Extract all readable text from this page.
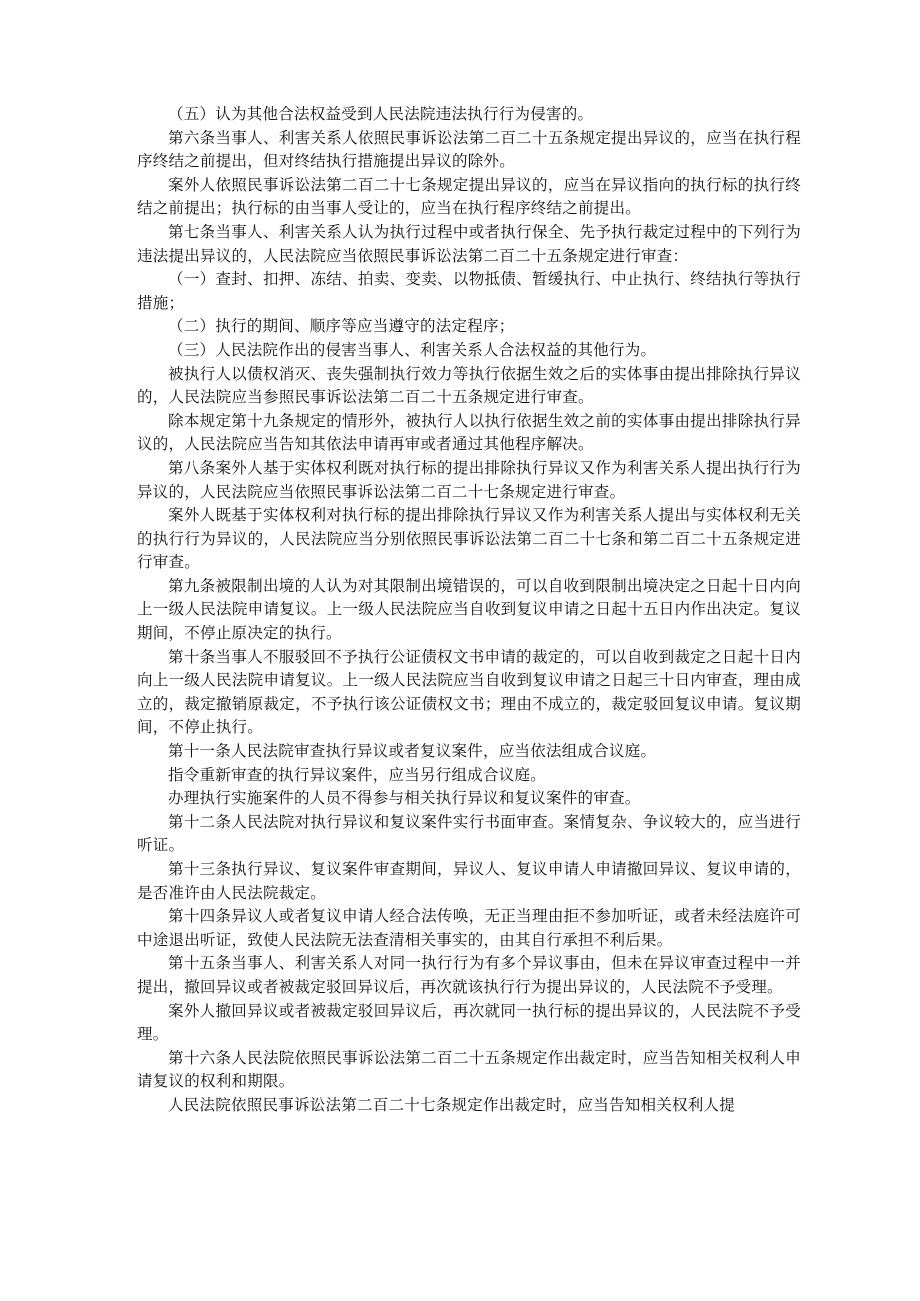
（五）认为其他合法权益受到人民法院违法执行行为侵害的。

第六条当事人、利害关系人依照民事诉讼法第二百二十五条规定提出异议的，应当在执行程序终结之前提出，但对终结执行措施提出异议的除外。

案外人依照民事诉讼法第二百二十七条规定提出异议的，应当在异议指向的执行标的执行终结之前提出；执行标的由当事人受让的，应当在执行程序终结之前提出。

第七条当事人、利害关系人认为执行过程中或者执行保全、先予执行裁定过程中的下列行为违法提出异议的，人民法院应当依照民事诉讼法第二百二十五条规定进行审查：

（一）查封、扣押、冻结、拍卖、变卖、以物抵债、暂缓执行、中止执行、终结执行等执行措施；

（二）执行的期间、顺序等应当遵守的法定程序；

（三）人民法院作出的侵害当事人、利害关系人合法权益的其他行为。

被执行人以债权消灭、丧失强制执行效力等执行依据生效之后的实体事由提出排除执行异议的，人民法院应当参照民事诉讼法第二百二十五条规定进行审查。

除本规定第十九条规定的情形外，被执行人以执行依据生效之前的实体事由提出排除执行异议的，人民法院应当告知其依法申请再审或者通过其他程序解决。

第八条案外人基于实体权利既对执行标的提出排除执行异议又作为利害关系人提出执行行为异议的，人民法院应当依照民事诉讼法第二百二十七条规定进行审查。

案外人既基于实体权利对执行标的提出排除执行异议又作为利害关系人提出与实体权利无关的执行行为异议的，人民法院应当分别依照民事诉讼法第二百二十七条和第二百二十五条规定进行审查。

第九条被限制出境的人认为对其限制出境错误的，可以自收到限制出境决定之日起十日内向上一级人民法院申请复议。上一级人民法院应当自收到复议申请之日起十五日内作出决定。复议期间，不停止原决定的执行。

第十条当事人不服驳回不予执行公证债权文书申请的裁定的，可以自收到裁定之日起十日内向上一级人民法院申请复议。上一级人民法院应当自收到复议申请之日起三十日内审查，理由成立的，裁定撤销原裁定，不予执行该公证债权文书；理由不成立的，裁定驳回复议申请。复议期间，不停止执行。

第十一条人民法院审查执行异议或者复议案件，应当依法组成合议庭。

指令重新审查的执行异议案件，应当另行组成合议庭。

办理执行实施案件的人员不得参与相关执行异议和复议案件的审查。

第十二条人民法院对执行异议和复议案件实行书面审查。案情复杂、争议较大的，应当进行听证。

第十三条执行异议、复议案件审查期间，异议人、复议申请人申请撤回异议、复议申请的，是否准许由人民法院裁定。

第十四条异议人或者复议申请人经合法传唤，无正当理由拒不参加听证，或者未经法庭许可中途退出听证，致使人民法院无法查清相关事实的，由其自行承担不利后果。

第十五条当事人、利害关系人对同一执行行为有多个异议事由，但未在异议审查过程中一并提出，撤回异议或者被裁定驳回异议后，再次就该执行行为提出异议的，人民法院不予受理。

案外人撤回异议或者被裁定驳回异议后，再次就同一执行标的提出异议的，人民法院不予受理。

第十六条人民法院依照民事诉讼法第二百二十五条规定作出裁定时，应当告知相关权利人申请复议的权利和期限。

人民法院依照民事诉讼法第二百二十七条规定作出裁定时，应当告知相关权利人提
